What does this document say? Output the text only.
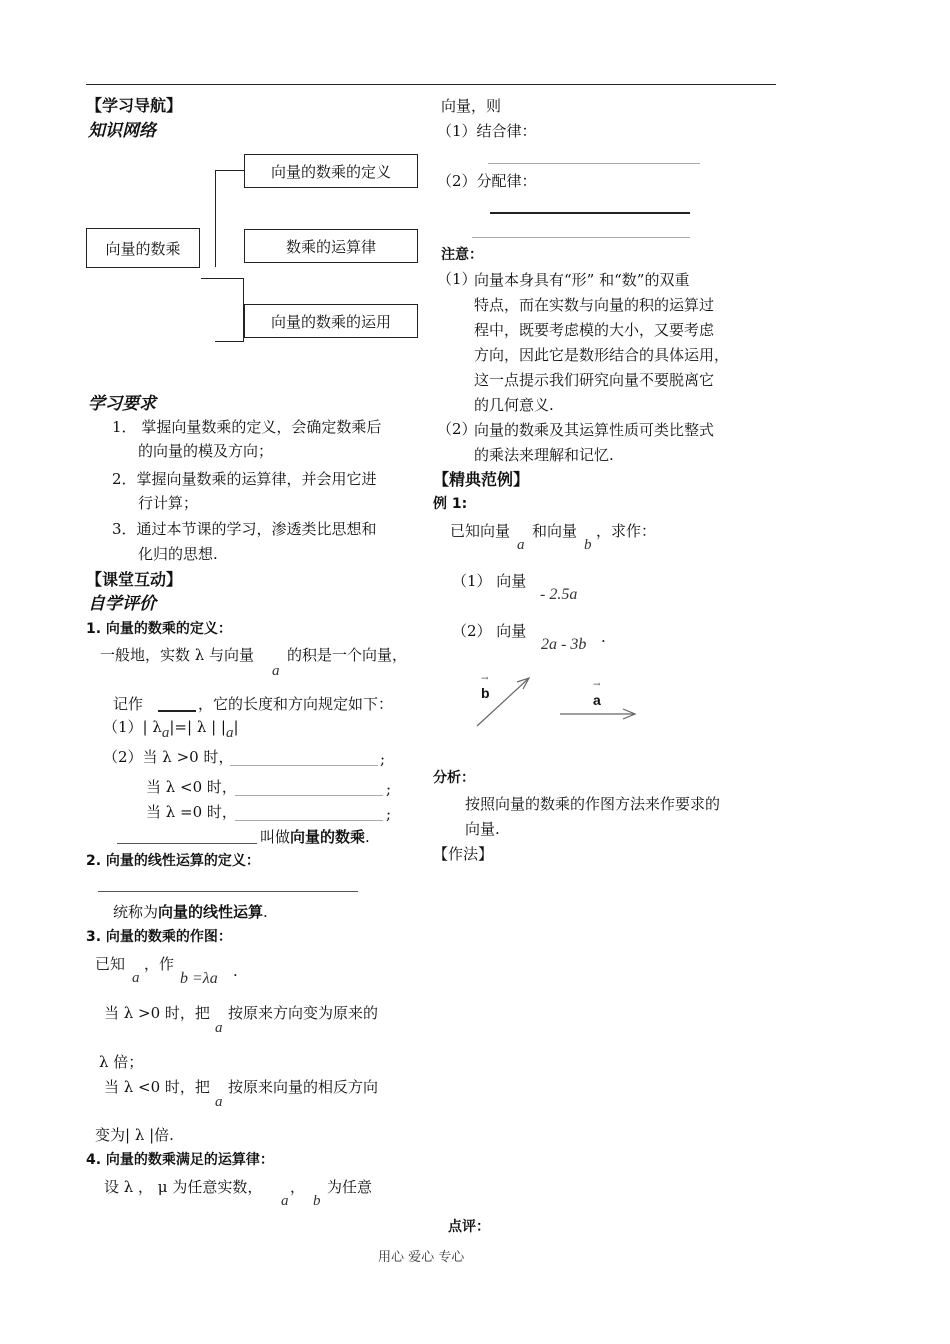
【学习导航】
知识网络
向量的数乘
向量的数乘的定义
数乘的运算律
向量的数乘的运用
学习要求
1． 掌握向量数乘的定义，会确定数乘后
的向量的模及方向；
2．掌握向量数乘的运算律，并会用它进
行计算；
3．通过本节课的学习，渗透类比思想和
化归的思想.
【课堂互动】
自学评价
1. 向量的数乘的定义：
一般地，实数 λ 与向量
a
的积是一个向量，
记作	，它的长度和方向规定如下：
（1）| λa|=| λ | |a|
（2）当 λ >0 时，	;
当 λ <0 时，	;
当 λ =0 时，	;
叫做向量的数乘.
2. 向量的线性运算的定义：
统称为向量的线性运算.
3. 向量的数乘的作图：
已知
a
，作
b =λa .
当 λ >0 时，把
a
按原来方向变为原来的
λ 倍；
当 λ <0 时，把
a
按原来向量的相反方向
变为| λ |倍.
4. 向量的数乘满足的运算律：
设 λ ， μ 为任意实数，
a
，
b
为任意
向量，则
（1）结合律：
（2）分配律：
注意：
（1）
向量本身具有“形” 和“数”的双重
特点，而在实数与向量的积的运算过
程中，既要考虑模的大小，又要考虑
方向，因此它是数形结合的具体运用，
这一点提示我们研究向量不要脱离它
的几何意义.
（2）
向量的数乘及其运算性质可类比整式
的乘法来理解和记忆.
【精典范例】
例 1:
已知向量
a
和向量
b
，求作：
（1） 向量
- 2.5a
（2） 向量
2a - 3b .
→
b	→
a
分析：
按照向量的数乘的作图方法来作要求的
向量.
【作法】
点评：
用心 爱心 专心
